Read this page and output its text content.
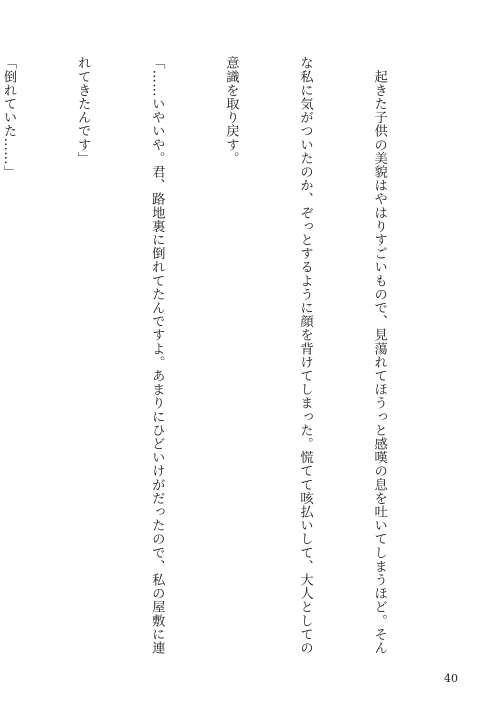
　起きた子供の美貌はやはりすごいもので、見蕩れてほうっと感嘆の息を吐いてしまうほど。そん

な私に気がついたのか、ぞっとするように顔を背けてしまった。慌てて咳払いして、大人としての

意識を取り戻す。

「……いやいや。君、路地裏に倒れてたんですよ。あまりにひどいけがだったので、私の屋敷に連

れてきたんです」

「倒れていた……」

40
